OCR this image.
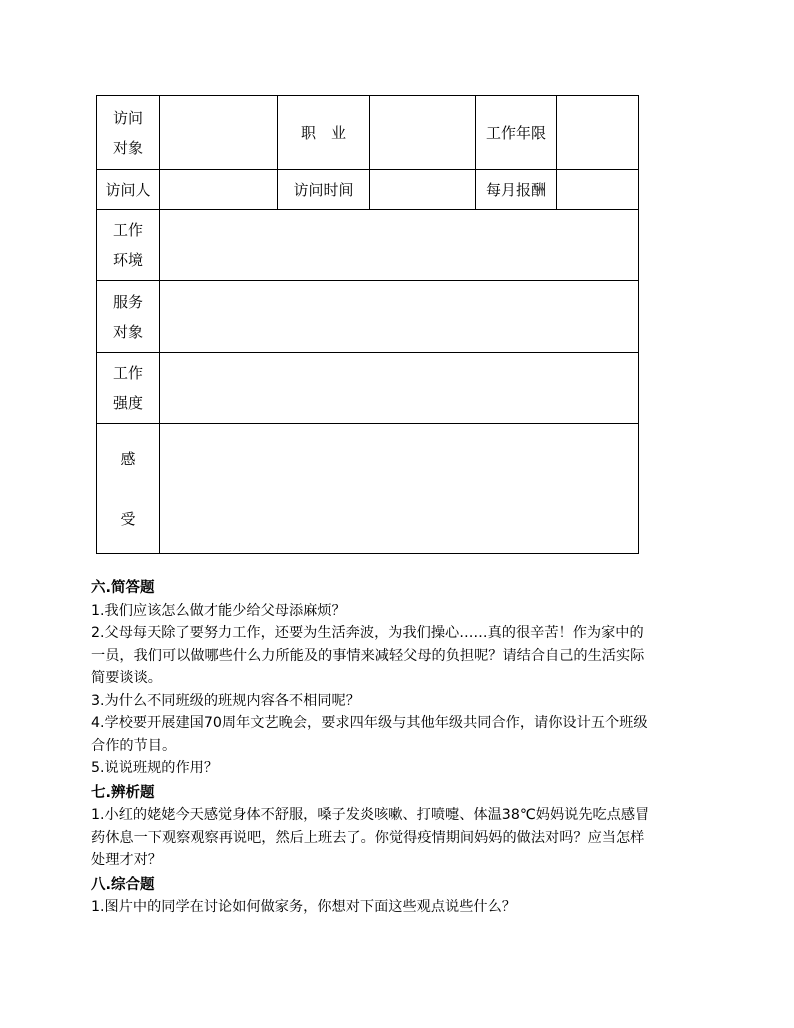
访问
对象		职　业		工作年限	
访问人		访问时间		每月报酬	

工作
环境					

服务
对象					

工作
强度					

感
受					

六.简答题

1.我们应该怎么做才能少给父母添麻烦？

2.父母每天除了要努力工作，还要为生活奔波，为我们操心……真的很辛苦！作为家中的

一员，我们可以做哪些什么力所能及的事情来减轻父母的负担呢？请结合自己的生活实际

简要谈谈。

3.为什么不同班级的班规内容各不相同呢？

4.学校要开展建国70周年文艺晚会，要求四年级与其他年级共同合作，请你设计五个班级

合作的节目。

5.说说班规的作用？

七.辨析题

1.小红的姥姥今天感觉身体不舒服，嗓子发炎咳嗽、打喷嚏、体温38℃妈妈说先吃点感冒

药休息一下观察观察再说吧，然后上班去了。你觉得疫情期间妈妈的做法对吗？应当怎样

处理才对？

八.综合题

1.图片中的同学在讨论如何做家务，你想对下面这些观点说些什么？
